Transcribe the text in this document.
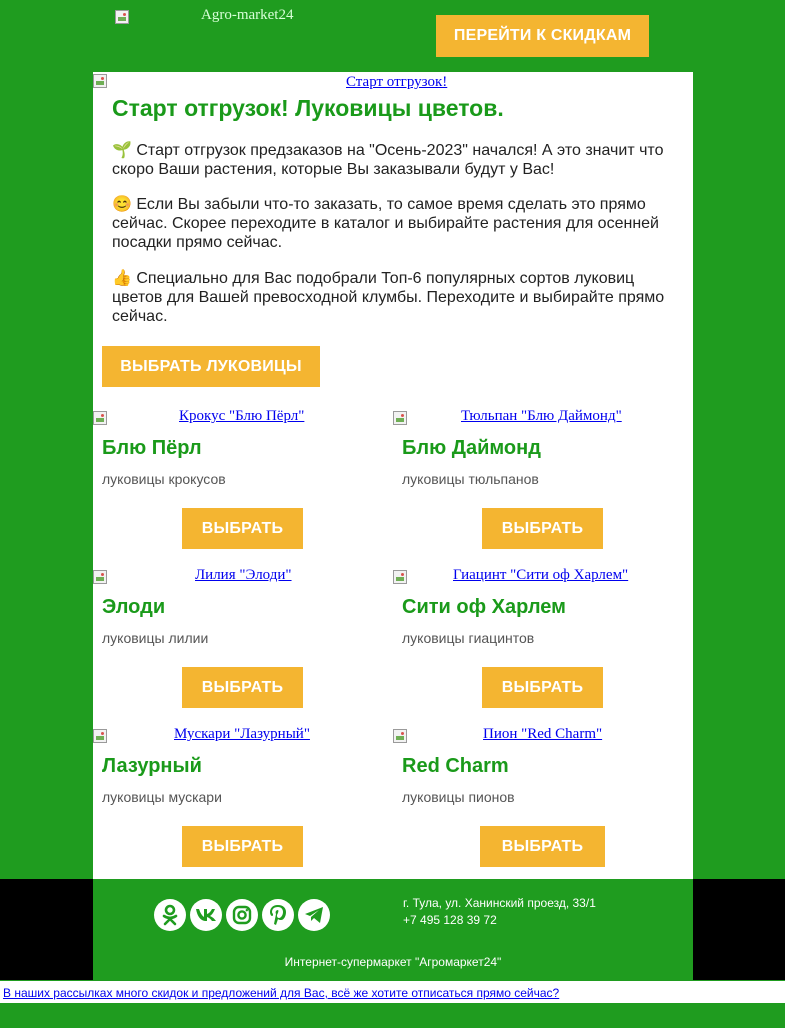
Agro-market24
ПЕРЕЙТИ К СКИДКАМ
Старт отгрузок!
Старт отгрузок! Луковицы цветов.
🌱 Старт отгрузок предзаказов на "Осень-2023" начался! А это значит что скоро Ваши растения, которые Вы заказывали будут у Вас!
😊 Если Вы забыли что-то заказать, то самое время сделать это прямо сейчас. Скорее переходите в каталог и выбирайте растения для осенней посадки прямо сейчас.
👍 Специально для Вас подобрали Топ-6 популярных сортов луковиц цветов для Вашей превосходной клумбы. Переходите и выбирайте прямо сейчас.
ВЫБРАТЬ ЛУКОВИЦЫ
Крокус "Блю Пёрл"
Блю Пёрл
луковицы крокусов
ВЫБРАТЬ
Тюльпан "Блю Даймонд"
Блю Даймонд
луковицы тюльпанов
ВЫБРАТЬ
Лилия "Элоди"
Элоди
луковицы лилии
ВЫБРАТЬ
Гиацинт "Сити оф Харлем"
Сити оф Харлем
луковицы гиацинтов
ВЫБРАТЬ
Мускари "Лазурный"
Лазурный
луковицы мускари
ВЫБРАТЬ
Пион "Red Charm"
Red Charm
луковицы пионов
ВЫБРАТЬ
г. Тула, ул. Ханинский проезд, 33/1
+7 495 128 39 72
Интернет-супермаркет "Агромаркет24"
В наших рассылках много скидок и предложений для Вас, всё же хотите отписаться прямо сейчас?
